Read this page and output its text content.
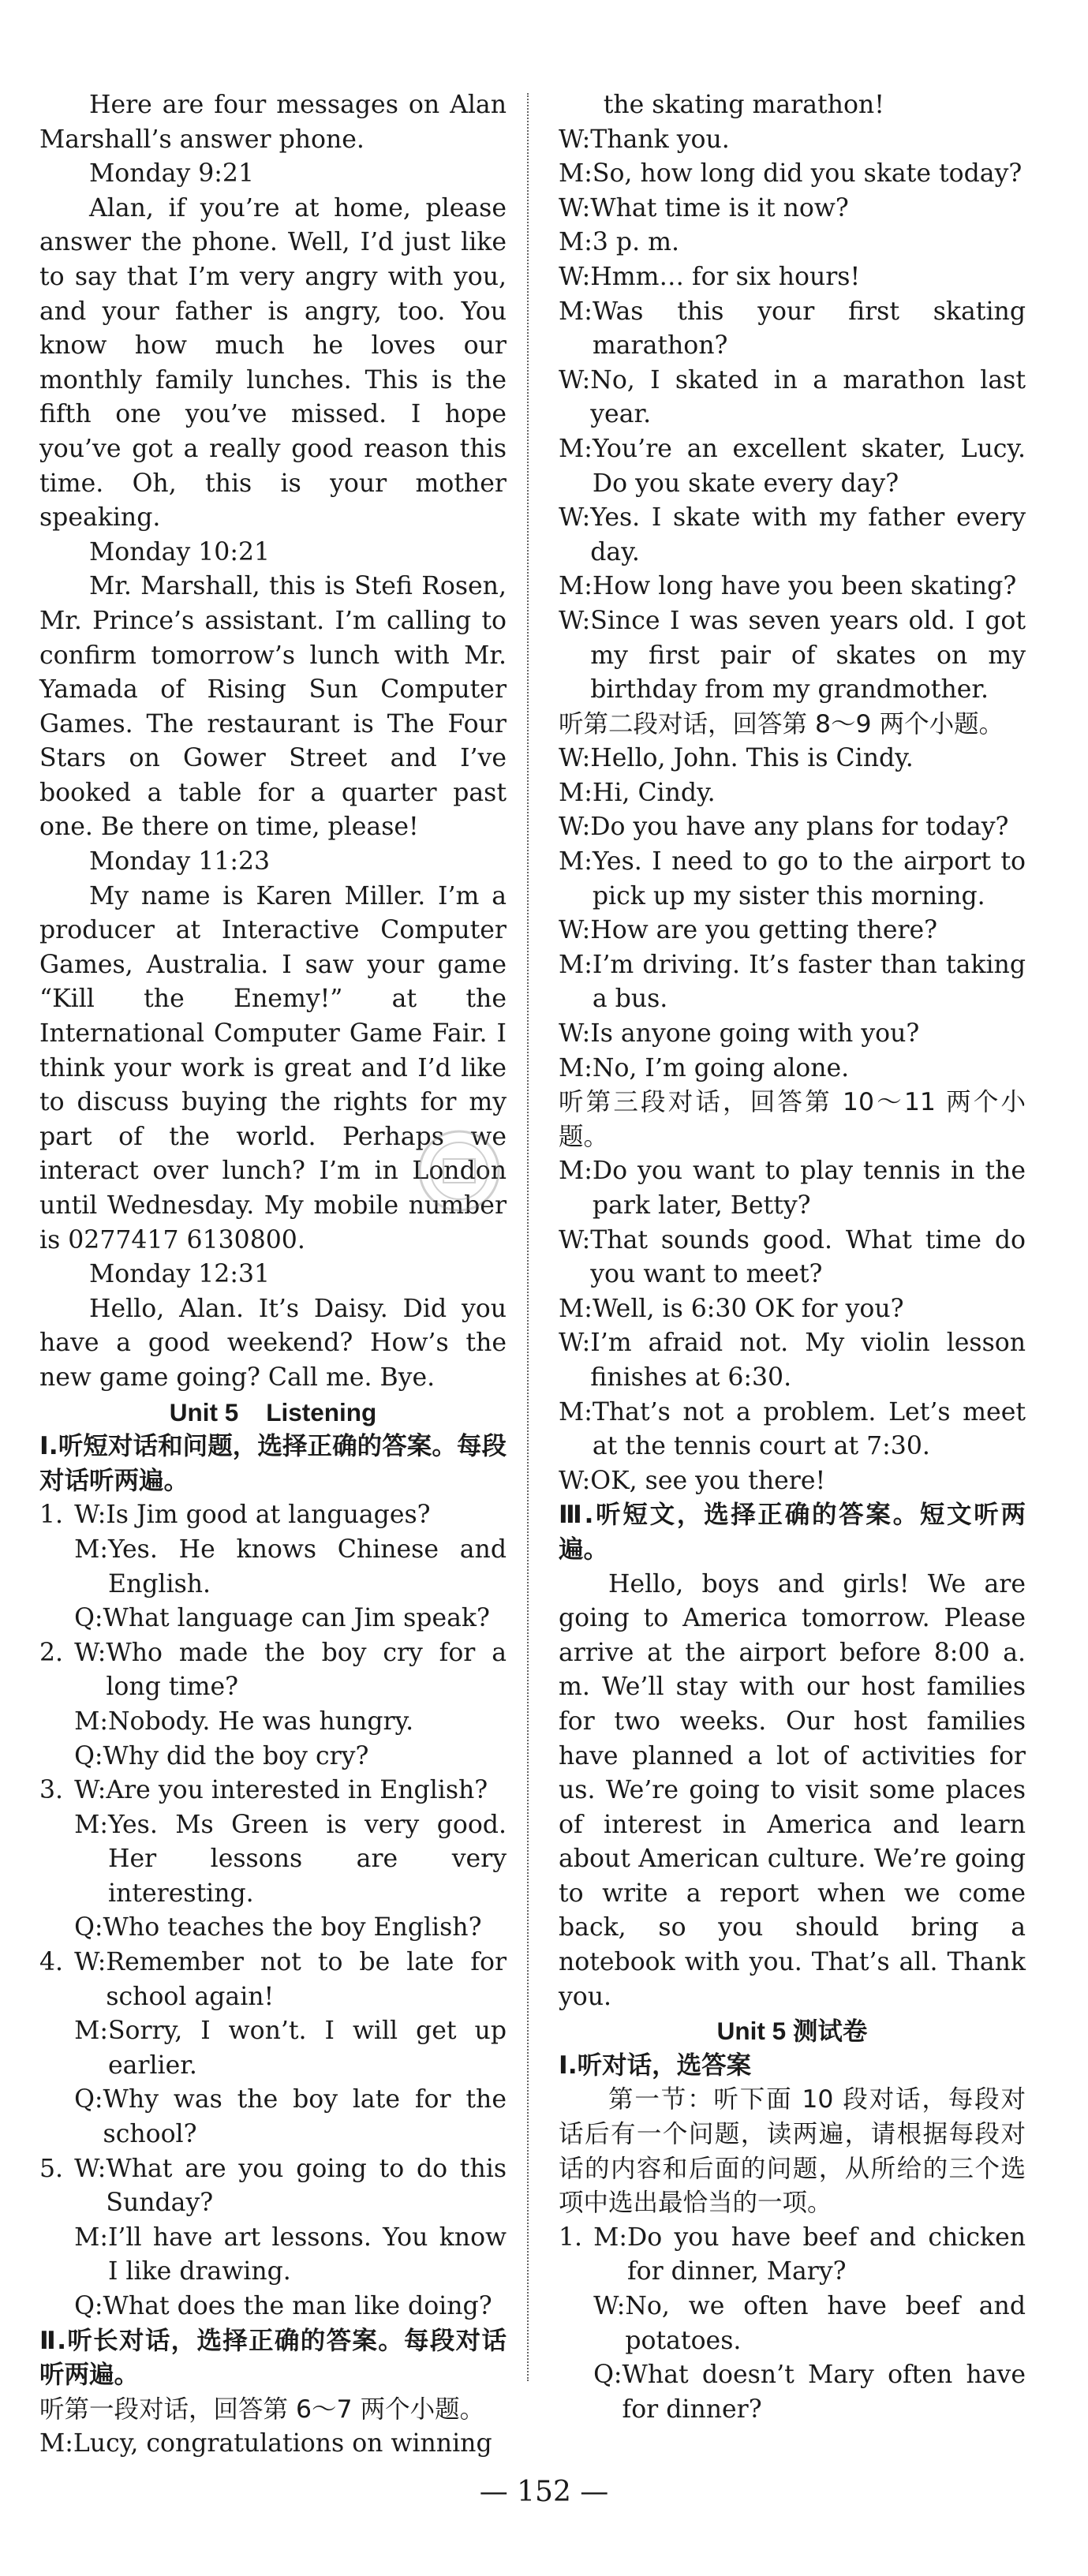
Here are four messages on Alan Marshall’s answer phone.

Monday 9:21

Alan, if you’re at home, please answer the phone. Well, I’d just like to say that I’m very angry with you, and your father is angry, too. You know how much he loves our monthly family lunches. This is the fifth one you’ve missed. I hope you’ve got a really good reason this time. Oh, this is your mother speaking.

Monday 10:21

Mr. Marshall, this is Stefi Rosen, Mr. Prince’s assistant. I’m calling to confirm tomorrow’s lunch with Mr. Yamada of Rising Sun Computer Games. The restaurant is The Four Stars on Gower Street and I’ve booked a table for a quarter past one. Be there on time, please!

Monday 11:23

My name is Karen Miller. I’m a producer at Interactive Computer Games, Australia. I saw your game “Kill the Enemy!” at the International Computer Game Fair. I think your work is great and I’d like to discuss buying the rights for my part of the world. Perhaps we interact over lunch? I’m in London until Wednesday. My mobile number is 0277417 6130800.

Monday 12:31

Hello, Alan. It’s Daisy. Did you have a good weekend? How’s the new game going? Call me. Bye.

Unit 5    Listening

Ⅰ.听短对话和问题，选择正确的答案。每段对话听两遍。

1. W: Is Jim good at languages?
M: Yes. He knows Chinese and English.
Q: What language can Jim speak?
2. W: Who made the boy cry for a long time?
M: Nobody. He was hungry.
Q: Why did the boy cry?
3. W: Are you interested in English?
M: Yes. Ms Green is very good. Her lessons are very interesting.
Q: Who teaches the boy English?
4. W: Remember not to be late for school again!
M: Sorry, I won’t. I will get up earlier.
Q: Why was the boy late for the school?
5. W: What are you going to do this Sunday?
M: I’ll have art lessons. You know I like drawing.
Q: What does the man like doing?

Ⅱ.听长对话，选择正确的答案。每段对话听两遍。

听第一段对话，回答第 6～7 两个小题。

M: Lucy, congratulations on winning

the skating marathon!

W: Thank you.
M: So, how long did you skate today?
W: What time is it now?
M: 3 p. m.
W: Hmm… for six hours!
M: Was this your first skating marathon?
W: No, I skated in a marathon last year.
M: You’re an excellent skater, Lucy. Do you skate every day?
W: Yes. I skate with my father every day.
M: How long have you been skating?
W: Since I was seven years old. I got my first pair of skates on my birthday from my grandmother.

听第二段对话，回答第 8～9 两个小题。

W: Hello, John. This is Cindy.
M: Hi, Cindy.
W: Do you have any plans for today?
M: Yes. I need to go to the airport to pick up my sister this morning.
W: How are you getting there?
M: I’m driving. It’s faster than taking a bus.
W: Is anyone going with you?
M: No, I’m going alone.

听第三段对话，回答第 10～11 两个小题。

M: Do you want to play tennis in the park later, Betty?
W: That sounds good. What time do you want to meet?
M: Well, is 6:30 OK for you?
W: I’m afraid not. My violin lesson finishes at 6:30.
M: That’s not a problem. Let’s meet at the tennis court at 7:30.
W: OK, see you there!

Ⅲ.听短文，选择正确的答案。短文听两遍。

Hello, boys and girls! We are going to America tomorrow. Please arrive at the airport before 8:00 a. m. We’ll stay with our host families for two weeks. Our host families have planned a lot of activities for us. We’re going to visit some places of interest in America and learn about American culture. We’re going to write a report when we come back, so you should bring a notebook with you. That’s all. Thank you.

Unit 5 测试卷

Ⅰ.听对话，选答案

第一节：听下面 10 段对话，每段对话后有一个问题，读两遍，请根据每段对话的内容和后面的问题，从所给的三个选项中选出最恰当的一项。

1. M: Do you have beef and chicken for dinner, Mary?
W: No, we often have beef and potatoes.
Q: What doesn’t Mary often have for dinner?
— 152 —
